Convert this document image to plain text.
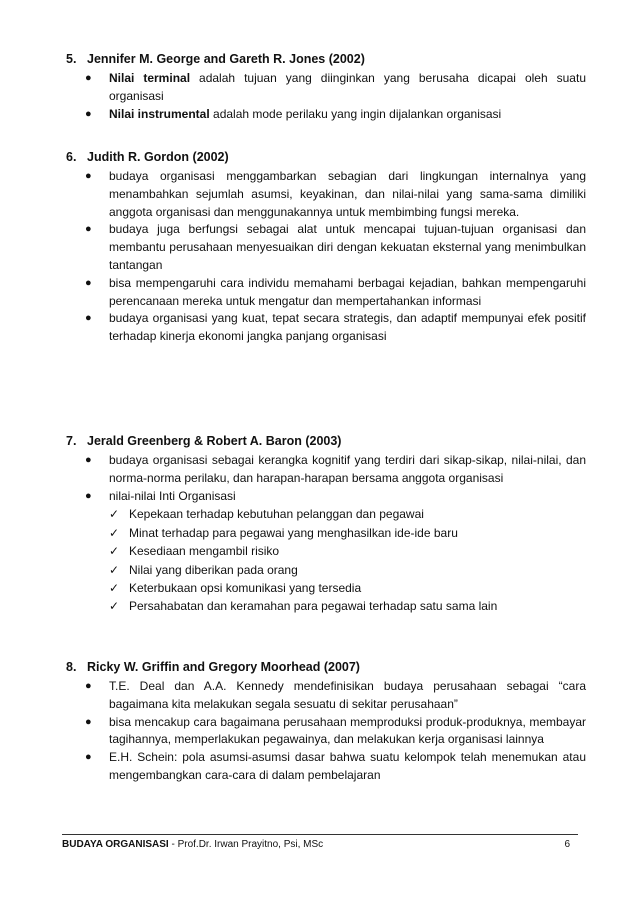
5. Jennifer M. George and Gareth R. Jones (2002)
● Nilai terminal adalah tujuan yang diinginkan yang berusaha dicapai oleh suatu organisasi
● Nilai instrumental adalah mode perilaku yang ingin dijalankan organisasi
6. Judith R. Gordon (2002)
● budaya organisasi menggambarkan sebagian dari lingkungan internalnya yang menambahkan sejumlah asumsi, keyakinan, dan nilai-nilai yang sama-sama dimiliki anggota organisasi dan menggunakannya untuk membimbing fungsi mereka.
● budaya juga berfungsi sebagai alat untuk mencapai tujuan-tujuan organisasi dan membantu perusahaan menyesuaikan diri dengan kekuatan eksternal yang menimbulkan tantangan
● bisa mempengaruhi cara individu memahami berbagai kejadian, bahkan mempengaruhi perencanaan mereka untuk mengatur dan mempertahankan informasi
● budaya organisasi yang kuat, tepat secara strategis, dan adaptif mempunyai efek positif terhadap kinerja ekonomi jangka panjang organisasi
7. Jerald Greenberg & Robert A. Baron (2003)
● budaya organisasi sebagai kerangka kognitif yang terdiri dari sikap-sikap, nilai-nilai, dan norma-norma perilaku, dan harapan-harapan bersama anggota organisasi
● nilai-nilai Inti Organisasi
✓ Kepekaan terhadap kebutuhan pelanggan dan pegawai
✓ Minat terhadap para pegawai yang menghasilkan ide-ide baru
✓ Kesediaan mengambil risiko
✓ Nilai yang diberikan pada orang
✓ Keterbukaan opsi komunikasi yang tersedia
✓ Persahabatan dan keramahan para pegawai terhadap satu sama lain
8. Ricky W. Griffin and Gregory Moorhead (2007)
● T.E. Deal dan A.A. Kennedy mendefinisikan budaya perusahaan sebagai “cara bagaimana kita melakukan segala sesuatu di sekitar perusahaan”
● bisa mencakup cara bagaimana perusahaan memproduksi produk-produknya, membayar tagihannya, memperlakukan pegawainya, dan melakukan kerja organisasi lainnya
● E.H. Schein: pola asumsi-asumsi dasar bahwa suatu kelompok telah menemukan atau mengembangkan cara-cara di dalam pembelajaran
BUDAYA ORGANISASI - Prof.Dr. Irwan Prayitno, Psi, MSc	6
